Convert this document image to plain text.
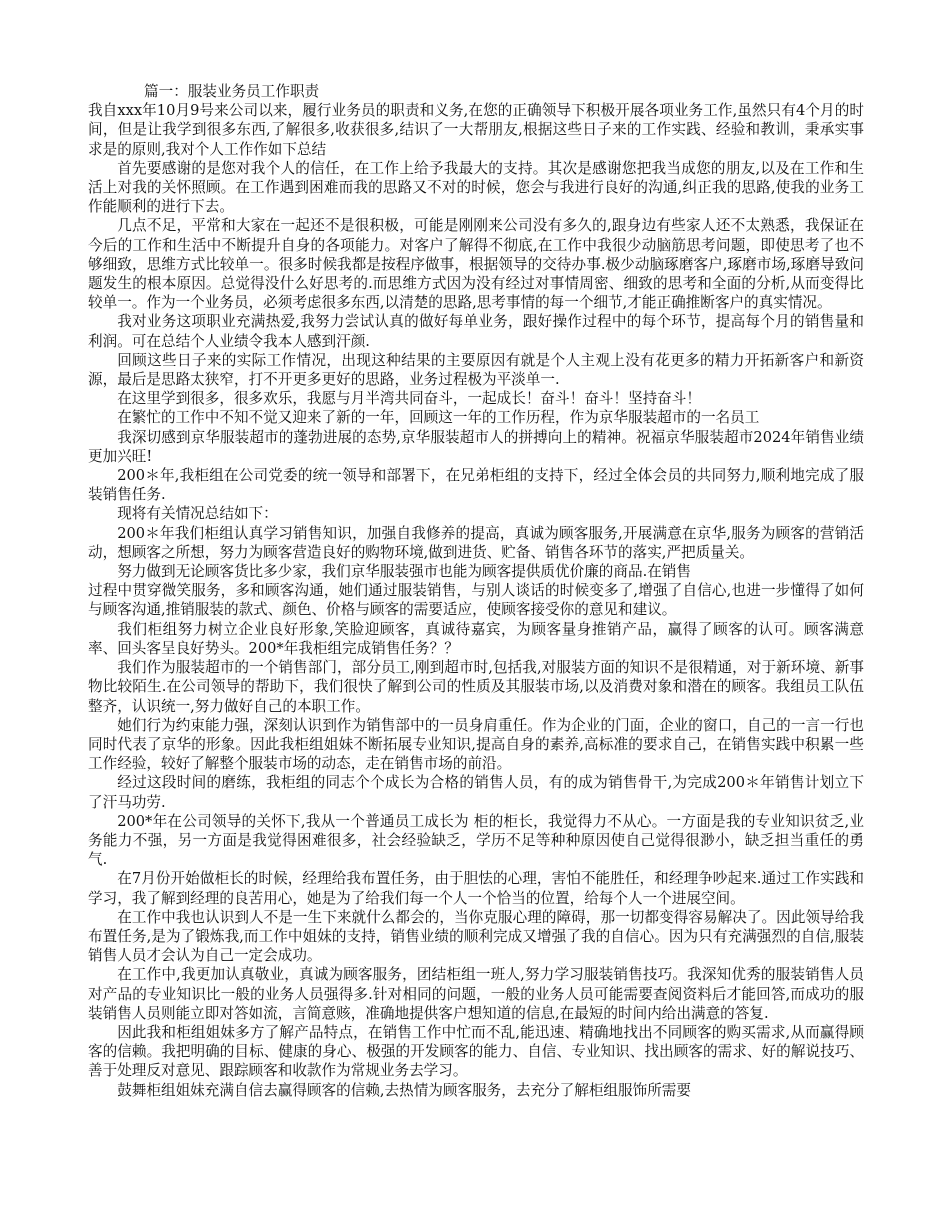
篇一：服装业务员工作职责

我自xxx年10月9号来公司以来，履行业务员的职责和义务,在您的正确领导下积极开展各项业务工作,虽然只有4个月的时间，但是让我学到很多东西,了解很多,收获很多,结识了一大帮朋友,根据这些日子来的工作实践、经验和教训，秉承实事求是的原则,我对个人工作作如下总结

首先要感谢的是您对我个人的信任，在工作上给予我最大的支持。其次是感谢您把我当成您的朋友,以及在工作和生活上对我的关怀照顾。在工作遇到困难而我的思路又不对的时候，您会与我进行良好的沟通,纠正我的思路,使我的业务工作能顺利的进行下去。

几点不足，平常和大家在一起还不是很积极，可能是刚刚来公司没有多久的,跟身边有些家人还不太熟悉，我保证在今后的工作和生活中不断提升自身的各项能力。对客户了解得不彻底,在工作中我很少动脑筋思考问题，即使思考了也不够细致，思维方式比较单一。很多时候我都是按程序做事，根据领导的交待办事.极少动脑琢磨客户,琢磨市场,琢磨导致问题发生的根本原因。总觉得没什么好思考的.而思维方式因为没有经过对事情周密、细致的思考和全面的分析,从而变得比较单一。作为一个业务员，必须考虑很多东西,以清楚的思路,思考事情的每一个细节,才能正确推断客户的真实情况。

我对业务这项职业充满热爱,我努力尝试认真的做好每单业务，跟好操作过程中的每个环节，提高每个月的销售量和利润。可在总结个人业绩令我本人感到汗颜.

回顾这些日子来的实际工作情况，出现这种结果的主要原因有就是个人主观上没有花更多的精力开拓新客户和新资源，最后是思路太狭窄，打不开更多更好的思路，业务过程极为平淡单一.

在这里学到很多，很多欢乐，我愿与月半湾共同奋斗，一起成长！奋斗！奋斗！坚持奋斗！

在繁忙的工作中不知不觉又迎来了新的一年，回顾这一年的工作历程，作为京华服装超市的一名员工

我深切感到京华服装超市的蓬勃进展的态势,京华服装超市人的拼搏向上的精神。祝福京华服装超市2024年销售业绩更加兴旺!

200＊年,我柜组在公司党委的统一领导和部署下，在兄弟柜组的支持下，经过全体会员的共同努力,顺利地完成了服装销售任务.

现将有关情况总结如下：

200＊年我们柜组认真学习销售知识，加强自我修养的提高，真诚为顾客服务,开展满意在京华,服务为顾客的营销活动，想顾客之所想，努力为顾客营造良好的购物环境,做到进货、贮备、销售各环节的落实,严把质量关。

努力做到无论顾客货比多少家，我们京华服装强市也能为顾客提供质优价廉的商品.在销售

过程中贯穿微笑服务，多和顾客沟通，她们通过服装销售，与别人谈话的时候变多了,增强了自信心,也进一步懂得了如何与顾客沟通,推销服装的款式、颜色、价格与顾客的需要适应，使顾客接受你的意见和建议。

我们柜组努力树立企业良好形象,笑脸迎顾客，真诚待嘉宾，为顾客量身推销产品，赢得了顾客的认可。顾客满意率、回头客呈良好势头。200*年我柜组完成销售任务？？

我们作为服装超市的一个销售部门，部分员工,刚到超市时,包括我,对服装方面的知识不是很精通，对于新环境、新事物比较陌生.在公司领导的帮助下，我们很快了解到公司的性质及其服装市场,以及消费对象和潜在的顾客。我组员工队伍整齐，认识统一,努力做好自己的本职工作。

她们行为约束能力强，深刻认识到作为销售部中的一员身肩重任。作为企业的门面，企业的窗口，自己的一言一行也同时代表了京华的形象。因此我柜组姐妹不断拓展专业知识,提高自身的素养,高标准的要求自己，在销售实践中积累一些工作经验，较好了解整个服装市场的动态，走在销售市场的前沿。

经过这段时间的磨练，我柜组的同志个个成长为合格的销售人员，有的成为销售骨干,为完成200＊年销售计划立下了汗马功劳.

200*年在公司领导的关怀下,我从一个普通员工成长为 柜的柜长，我觉得力不从心。一方面是我的专业知识贫乏,业务能力不强，另一方面是我觉得困难很多，社会经验缺乏，学历不足等种种原因使自己觉得很渺小，缺乏担当重任的勇气.

在7月份开始做柜长的时候，经理给我布置任务，由于胆怯的心理，害怕不能胜任，和经理争吵起来.通过工作实践和学习，我了解到经理的良苦用心，她是为了给我们每一个人一个恰当的位置，给每个人一个进展空间。

在工作中我也认识到人不是一生下来就什么都会的，当你克服心理的障碍，那一切都变得容易解决了。因此领导给我布置任务,是为了锻炼我,而工作中姐妹的支持，销售业绩的顺利完成又增强了我的自信心。因为只有充满强烈的自信,服装销售人员才会认为自己一定会成功。

在工作中,我更加认真敬业，真诚为顾客服务，团结柜组一班人,努力学习服装销售技巧。我深知优秀的服装销售人员对产品的专业知识比一般的业务人员强得多.针对相同的问题，一般的业务人员可能需要查阅资料后才能回答,而成功的服装销售人员则能立即对答如流，言简意赅，准确地提供客户想知道的信息,在最短的时间内给出满意的答复.

因此我和柜组姐妹多方了解产品特点，在销售工作中忙而不乱,能迅速、精确地找出不同顾客的购买需求,从而赢得顾客的信赖。我把明确的目标、健康的身心、极强的开发顾客的能力、自信、专业知识、找出顾客的需求、好的解说技巧、善于处理反对意见、跟踪顾客和收款作为常规业务去学习。

鼓舞柜组姐妹充满自信去赢得顾客的信赖,去热情为顾客服务，去充分了解柜组服饰所需要
